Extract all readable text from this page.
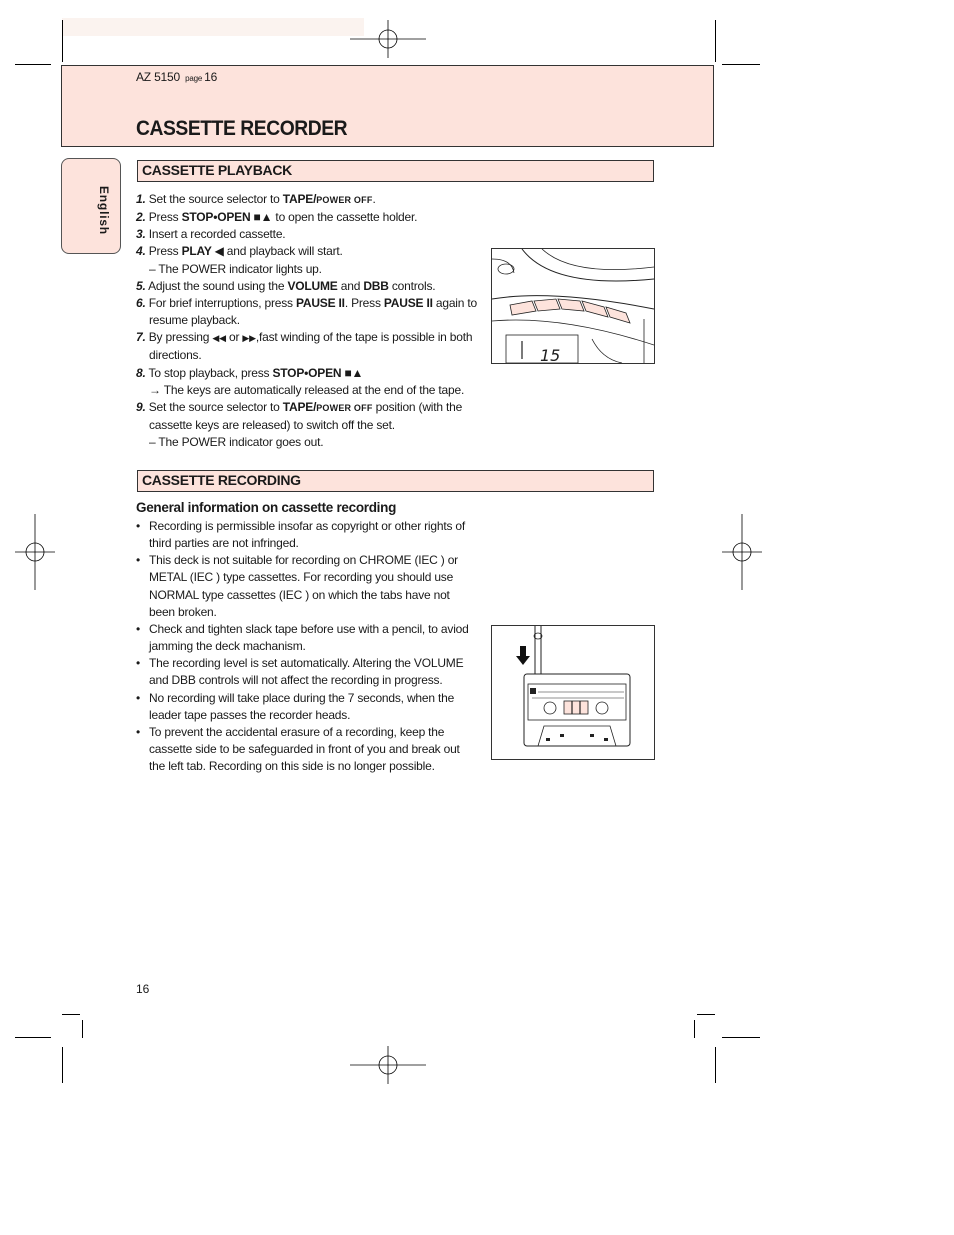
AZ 5150 page 16
CASSETTE RECORDER
English
CASSETTE PLAYBACK
1. Set the source selector to TAPE/POWER OFF.
2. Press STOP•OPEN ■▲ to open the cassette holder.
3. Insert a recorded cassette.
4. Press PLAY ◀ and playback will start.
– The POWER indicator lights up.
5. Adjust the sound using the VOLUME and DBB controls.
6. For brief interruptions, press PAUSE II. Press PAUSE II again to resume playback.
7. By pressing ◀◀ or ▶▶,fast winding of the tape is possible in both directions.
8. To stop playback, press STOP•OPEN ■▲
→ The keys are automatically released at the end of the tape.
9. Set the source selector to TAPE/POWER OFF position (with the cassette keys are released) to switch off the set.
– The POWER indicator goes out.
15
CASSETTE RECORDING
General information on cassette recording
• Recording is permissible insofar as copyright or other rights of third parties are not infringed.
• This deck is not suitable for recording on CHROME (IEC ) or METAL (IEC ) type cassettes. For recording you should use NORMAL type cassettes (IEC ) on which the tabs have not been broken.
• Check and tighten slack tape before use with a pencil, to aviod jamming the deck machanism.
• The recording level is set automatically. Altering the VOLUME and DBB controls will not affect the recording in progress.
• No recording will take place during the 7 seconds, when the leader tape passes the recorder heads.
• To prevent the accidental erasure of a recording, keep the cassette side to be safeguarded in front of you and break out the left tab. Recording on this side is no longer possible.
16
